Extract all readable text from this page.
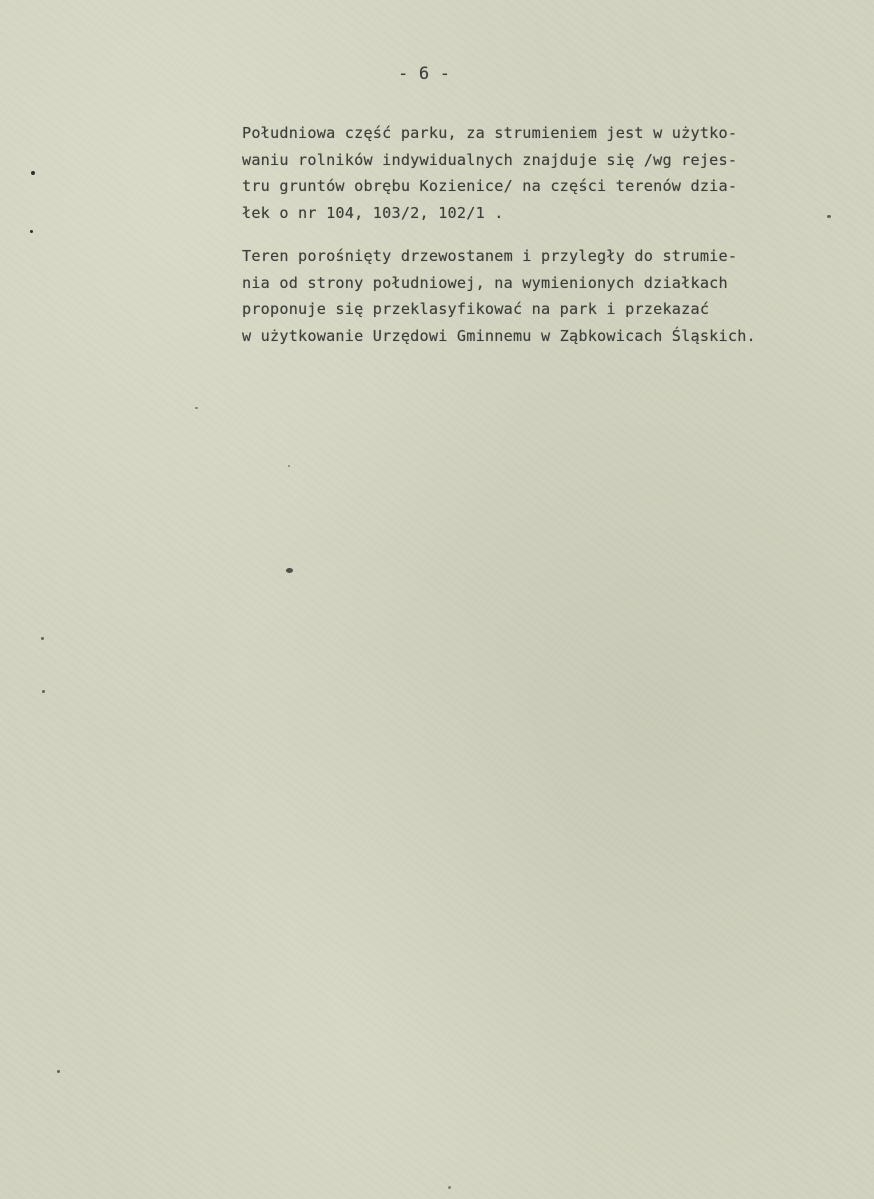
- 6 -

Południowa część parku, za strumieniem jest w użytko-
waniu rolników indywidualnych znajduje się /wg rejes-
tru gruntów obrębu Kozienice/ na części terenów dzia-
łek o nr 104, 103/2, 102/1 .

Teren porośnięty drzewostanem i przyległy do strumie-
nia od strony południowej, na wymienionych działkach
proponuje się przeklasyfikować na park i przekazać
w użytkowanie Urzędowi Gminnemu w Ząbkowicach Śląskich.
